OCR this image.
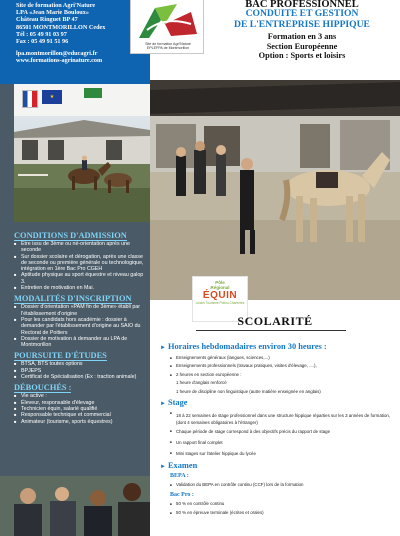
Site de formation Agri'Nature
LPA «Jean Marie Bouloux»
Château Ringuet BP 47
86501 MONTMORILLON Cedex
Tél : 05 49 91 03 97
Fax : 05 49 91 51 96
lpa.montmorillon@educagri.fr
www.formations-agrinature.com
★
CONDITIONS D'ADMISSION
■ Etre issu de 3ème ou né-orientation après une seconde
■ Sur dossier scolaire et dérogation, après une classe de seconde ou première générale ou technologique, intégration en 1ère Bac Pro CGEH
■ Aptitude physique au sport équestre et niveau galop 3.
■ Entretien de motivation en Mai.
MODALITÉS D'INSCRIPTION
■ Dossier d'orientation «PAM fin de 3ème» établi par l'établissement d'origine
■ Pour les candidats hors académie : dossier à demander par l'établissement d'origine au SAIO du Rectorat de Poitiers
■ Dossier de motivation à demander au LPA de Montmorillon
POURSUITE D'ÉTUDES
■ BTSA, BTS toutes options
■ BPJEPS
■ Certificat de Spécialisation (Ex : traction animale)
DÉBOUCHÉS :
■ Vie active :
■ Éleveur, responsable d'élevage
■ Technicien équin, salarié qualifié
■ Responsable technique et commercial
■ Animateur (tourisme, sports équestres)
Site de formation Agri'Nature
EPLEFPA de Montmorillon
BAC PROFESSIONNEL
CONDUITE ET GESTION
DE L'ENTREPRISE HIPPIQUE
Formation en 3 ans
Section Européenne
Option : Sports et loisirs
Pôle
Régional
ÉQUIN
Loisirs Tourisme Poitou-Charentes
SCOLARITÉ
► Horaires hebdomadaires environ 30 heures :
■ Enseignements généraux (langues, sciences,...)
■ Enseignements professionnels (travaux pratiques, visites d'élevage, ....),
■ 2 heures en section européenne :
1 heure d'anglais renforcé
1 heure de discipline non linguistique (autre matière enseignée en anglais)
► Stage
■ 18 à 22 semaines de stage professionnel dans une structure hippique réparties sur les 3 années de formation, (dont 4 semaines obligatoires à l'étranger)
■ Chaque période de stage correspond à des objectifs précis du rapport de stage
■ Un rapport final complet
■ Mini stages sur l'atelier hippique du lycée
► Examen
BEPA :
■ Validation du BEPA en contrôle continu (CCF) lors de la formation
Bac Pro :
■ 50 % en contrôle continu
■ 50 % en épreuve terminale (écrites et orales)
